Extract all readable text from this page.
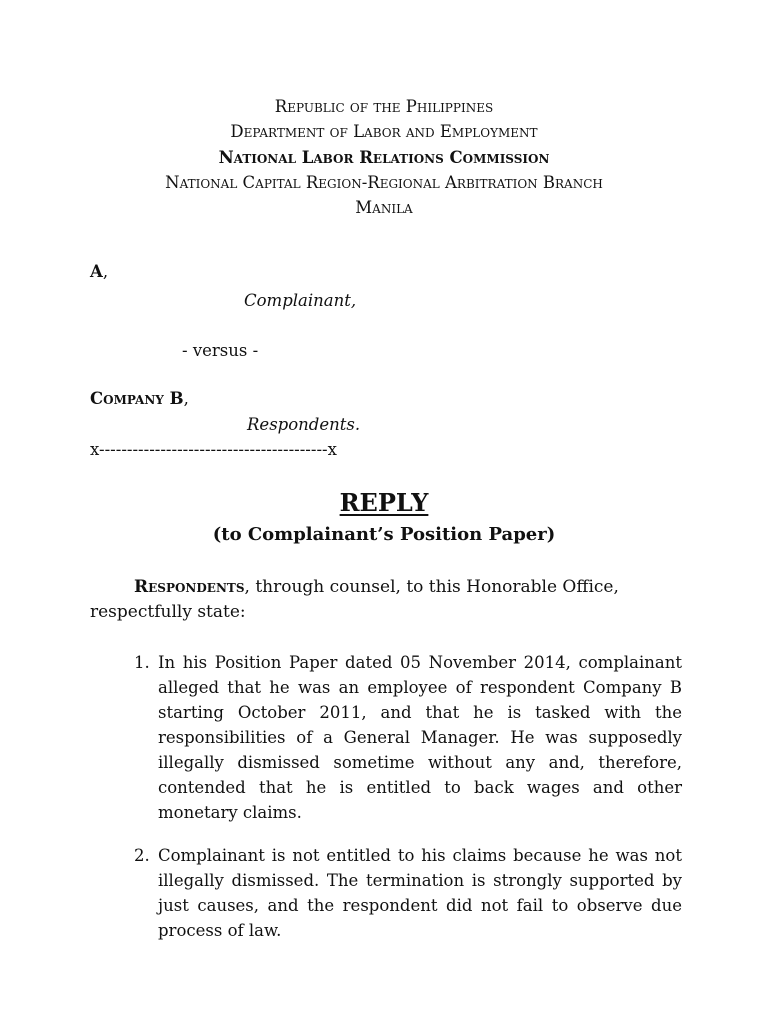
Republic of the Philippines
Department of Labor and Employment
National Labor Relations Commission
National Capital Region-Regional Arbitration Branch
Manila
A,
Complainant,
- versus -
Company B,
Respondents.
x-----------------------------------------x
REPLY
(to Complainant’s Position Paper)
Respondents, through counsel, to this Honorable Office, respectfully state:
1. In his Position Paper dated 05 November 2014, complainant alleged that he was an employee of respondent Company B starting October 2011, and that he is tasked with the responsibilities of a General Manager. He was supposedly illegally dismissed sometime without any and, therefore, contended that he is entitled to back wages and other monetary claims.
2. Complainant is not entitled to his claims because he was not illegally dismissed. The termination is strongly supported by just causes, and the respondent did not fail to observe due process of law.
